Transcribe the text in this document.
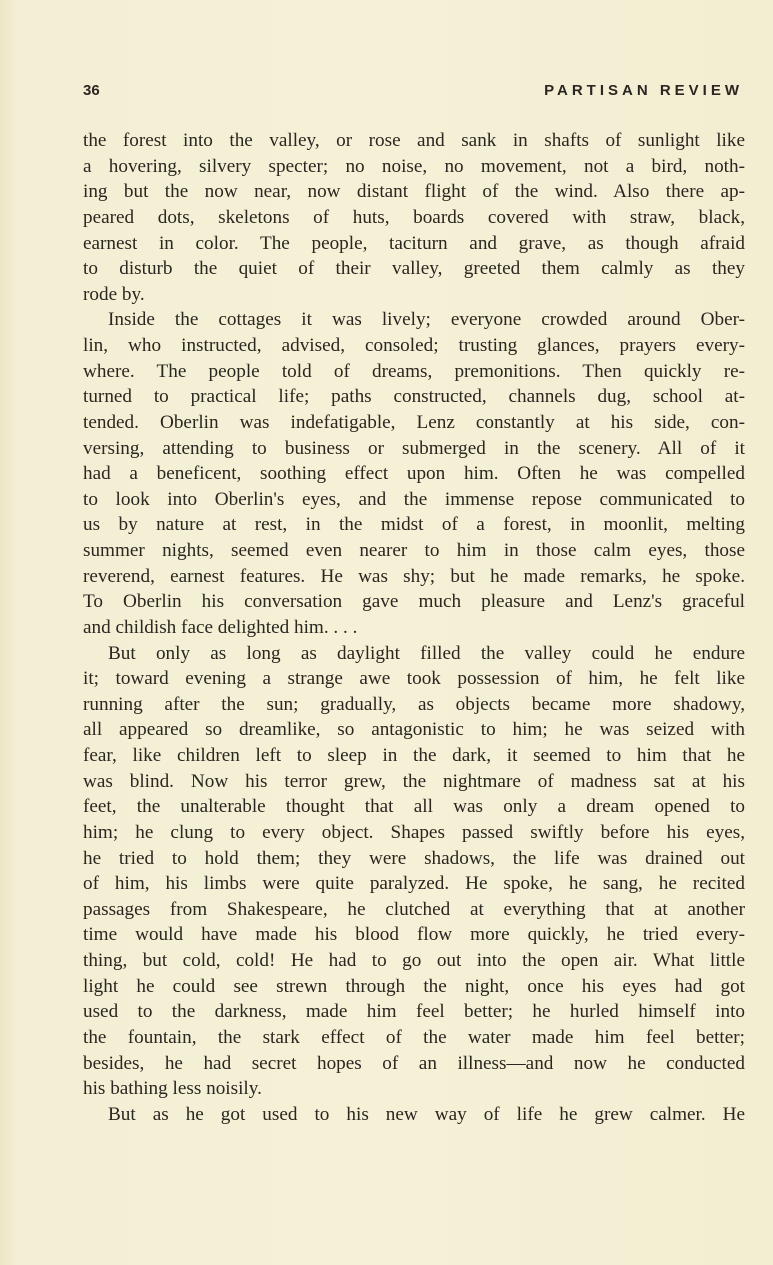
36	PARTISAN REVIEW
the forest into the valley, or rose and sank in shafts of sunlight like
a hovering, silvery specter; no noise, no movement, not a bird, noth-
ing but the now near, now distant flight of the wind. Also there ap-
peared dots, skeletons of huts, boards covered with straw, black,
earnest in color. The people, taciturn and grave, as though afraid
to disturb the quiet of their valley, greeted them calmly as they
rode by.
Inside the cottages it was lively; everyone crowded around Ober-
lin, who instructed, advised, consoled; trusting glances, prayers every-
where. The people told of dreams, premonitions. Then quickly re-
turned to practical life; paths constructed, channels dug, school at-
tended. Oberlin was indefatigable, Lenz constantly at his side, con-
versing, attending to business or submerged in the scenery. All of it
had a beneficent, soothing effect upon him. Often he was compelled
to look into Oberlin's eyes, and the immense repose communicated to
us by nature at rest, in the midst of a forest, in moonlit, melting
summer nights, seemed even nearer to him in those calm eyes, those
reverend, earnest features. He was shy; but he made remarks, he spoke.
To Oberlin his conversation gave much pleasure and Lenz's graceful
and childish face delighted him. . . .
But only as long as daylight filled the valley could he endure
it; toward evening a strange awe took possession of him, he felt like
running after the sun; gradually, as objects became more shadowy,
all appeared so dreamlike, so antagonistic to him; he was seized with
fear, like children left to sleep in the dark, it seemed to him that he
was blind. Now his terror grew, the nightmare of madness sat at his
feet, the unalterable thought that all was only a dream opened to
him; he clung to every object. Shapes passed swiftly before his eyes,
he tried to hold them; they were shadows, the life was drained out
of him, his limbs were quite paralyzed. He spoke, he sang, he recited
passages from Shakespeare, he clutched at everything that at another
time would have made his blood flow more quickly, he tried every-
thing, but cold, cold! He had to go out into the open air. What little
light he could see strewn through the night, once his eyes had got
used to the darkness, made him feel better; he hurled himself into
the fountain, the stark effect of the water made him feel better;
besides, he had secret hopes of an illness—and now he conducted
his bathing less noisily.
But as he got used to his new way of life he grew calmer. He
